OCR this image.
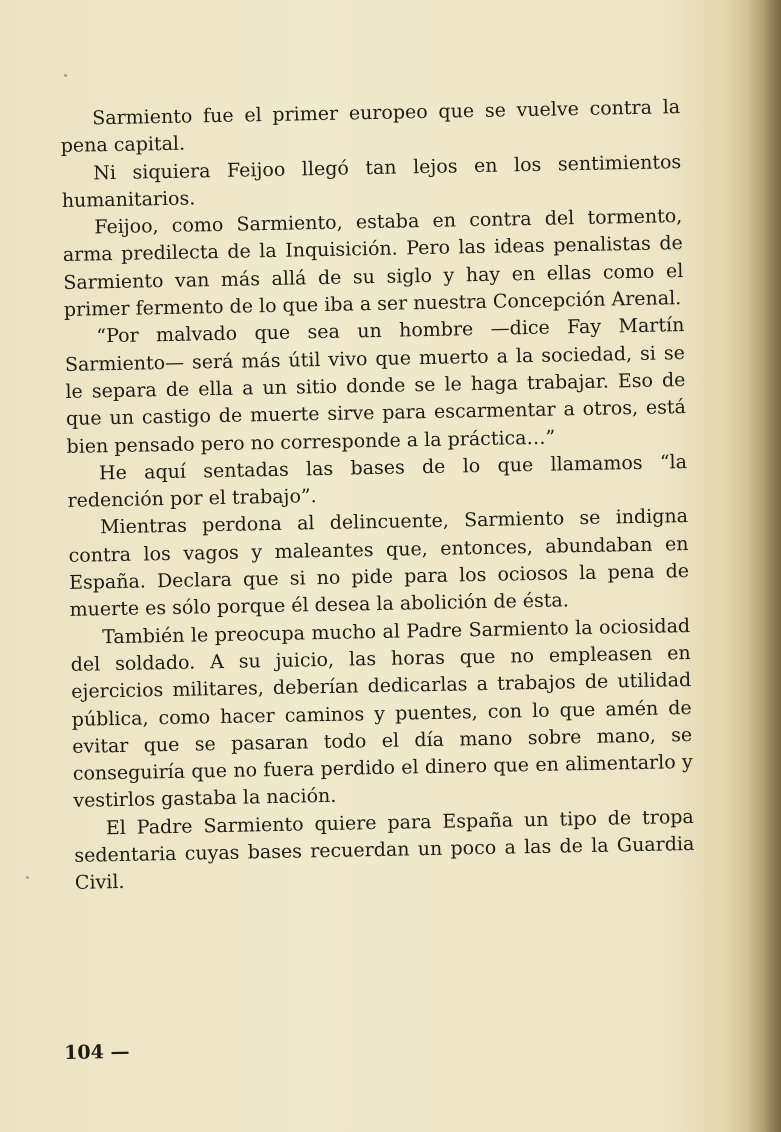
Sarmiento fue el primer europeo que se vuelve contra la pena capital.

Ni siquiera Feijoo llegó tan lejos en los sentimientos humanitarios.

Feijoo, como Sarmiento, estaba en contra del tormento, arma predilecta de la Inquisición. Pero las ideas penalistas de Sarmiento van más allá de su siglo y hay en ellas como el primer fermento de lo que iba a ser nuestra Concepción Arenal.

“Por malvado que sea un hombre —dice Fay Martín Sarmiento— será más útil vivo que muerto a la sociedad, si se le separa de ella a un sitio donde se le haga trabajar. Eso de que un castigo de muerte sirve para escarmentar a otros, está bien pensado pero no corresponde a la práctica…”

He aquí sentadas las bases de lo que llamamos “la redención por el trabajo”.

Mientras perdona al delincuente, Sarmiento se indigna contra los vagos y maleantes que, entonces, abundaban en España. Declara que si no pide para los ociosos la pena de muerte es sólo porque él desea la abolición de ésta.

También le preocupa mucho al Padre Sarmiento la ociosidad del soldado. A su juicio, las horas que no empleasen en ejercicios militares, deberían dedicarlas a trabajos de utilidad pública, como hacer caminos y puentes, con lo que amén de evitar que se pasaran todo el día mano sobre mano, se conseguiría que no fuera perdido el dinero que en alimentarlo y vestirlos gastaba la nación.

El Padre Sarmiento quiere para España un tipo de tropa sedentaria cuyas bases recuerdan un poco a las de la Guardia Civil.

104 —
